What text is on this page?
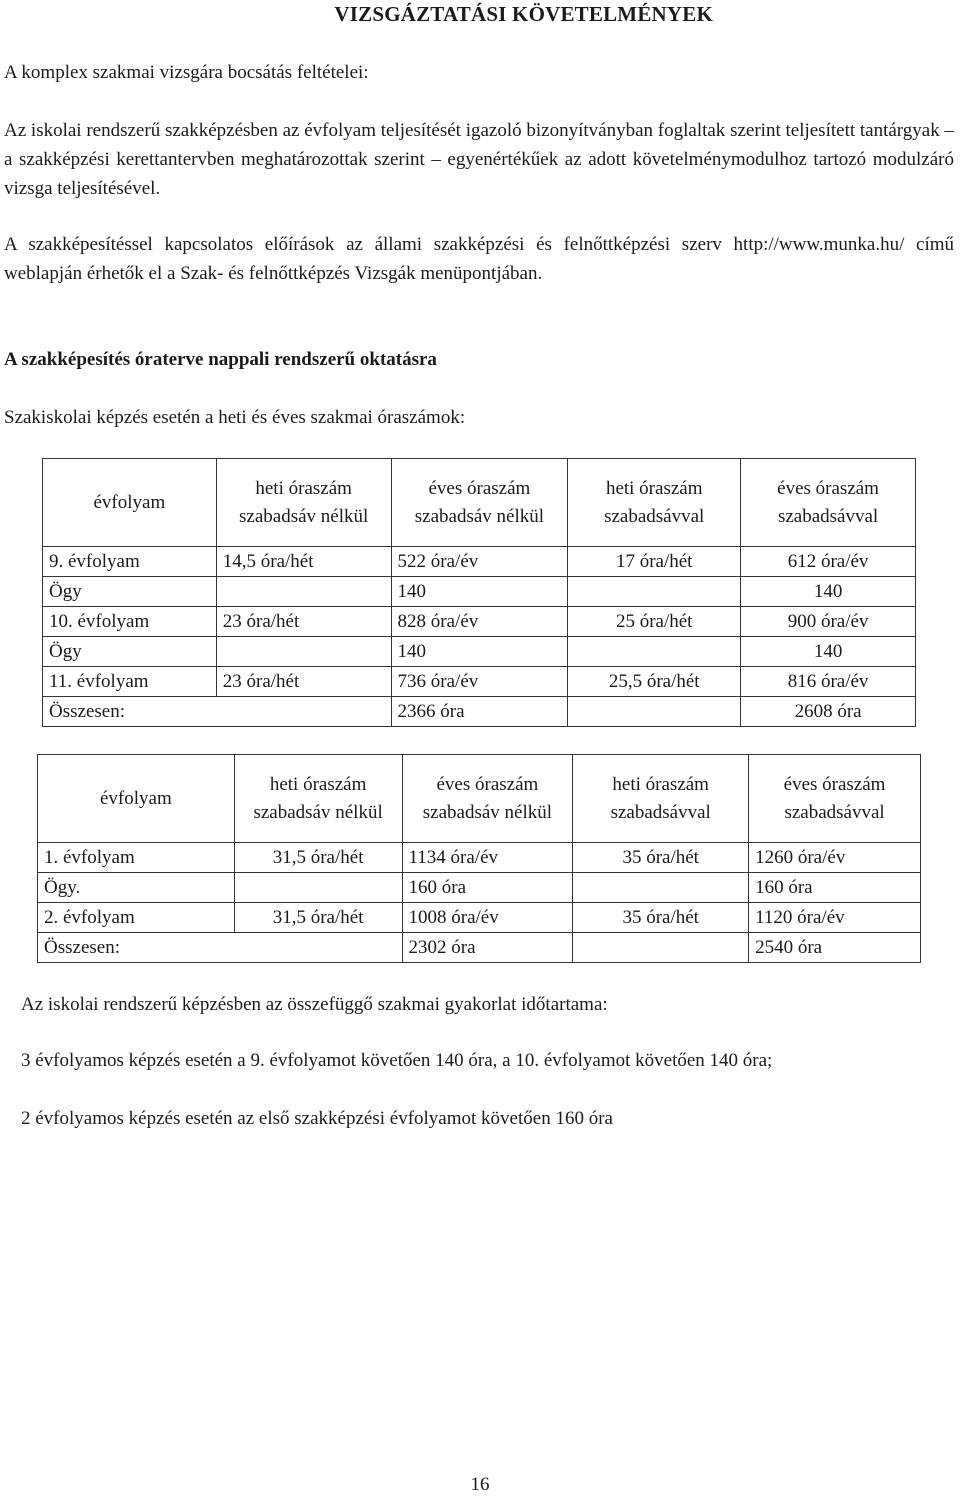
VIZSGÁZTATÁSI KÖVETELMÉNYEK

A komplex szakmai vizsgára bocsátás feltételei:

Az iskolai rendszerű szakképzésben az évfolyam teljesítését igazoló bizonyítványban foglaltak szerint teljesített tantárgyak – a szakképzési kerettantervben meghatározottak szerint – egyenértékűek az adott követelménymodulhoz tartozó modulzáró vizsga teljesítésével.

A szakképesítéssel kapcsolatos előírások az állami szakképzési és felnőttképzési szerv http://www.munka.hu/ című weblapján érhetők el a Szak- és felnőttképzés Vizsgák menüpontjában.

A szakképesítés óraterve nappali rendszerű oktatásra

Szakiskolai képzés esetén a heti és éves szakmai óraszámok:

évfolyam	heti óraszám szabadsáv nélkül	éves óraszám szabadsáv nélkül	heti óraszám szabadsávval	éves óraszám szabadsávval
9. évfolyam	14,5 óra/hét	522 óra/év	17 óra/hét	612 óra/év
Ögy		140		140
10. évfolyam	23 óra/hét	828 óra/év	25 óra/hét	900 óra/év
Ögy		140		140
11. évfolyam	23 óra/hét	736 óra/év	25,5 óra/hét	816 óra/év
Összesen:		2366 óra		2608 óra
évfolyam	heti óraszám szabadsáv nélkül	éves óraszám szabadsáv nélkül	heti óraszám szabadsávval	éves óraszám szabadsávval
1. évfolyam	31,5 óra/hét	1134 óra/év	35 óra/hét	1260 óra/év
Ögy.		160 óra		160 óra
2. évfolyam	31,5 óra/hét	1008 óra/év	35 óra/hét	1120 óra/év
Összesen:		2302 óra		2540 óra

Az iskolai rendszerű képzésben az összefüggő szakmai gyakorlat időtartama:

3 évfolyamos képzés esetén a 9. évfolyamot követően 140 óra, a 10. évfolyamot követően 140 óra;

2 évfolyamos képzés esetén az első szakképzési évfolyamot követően 160 óra

16
